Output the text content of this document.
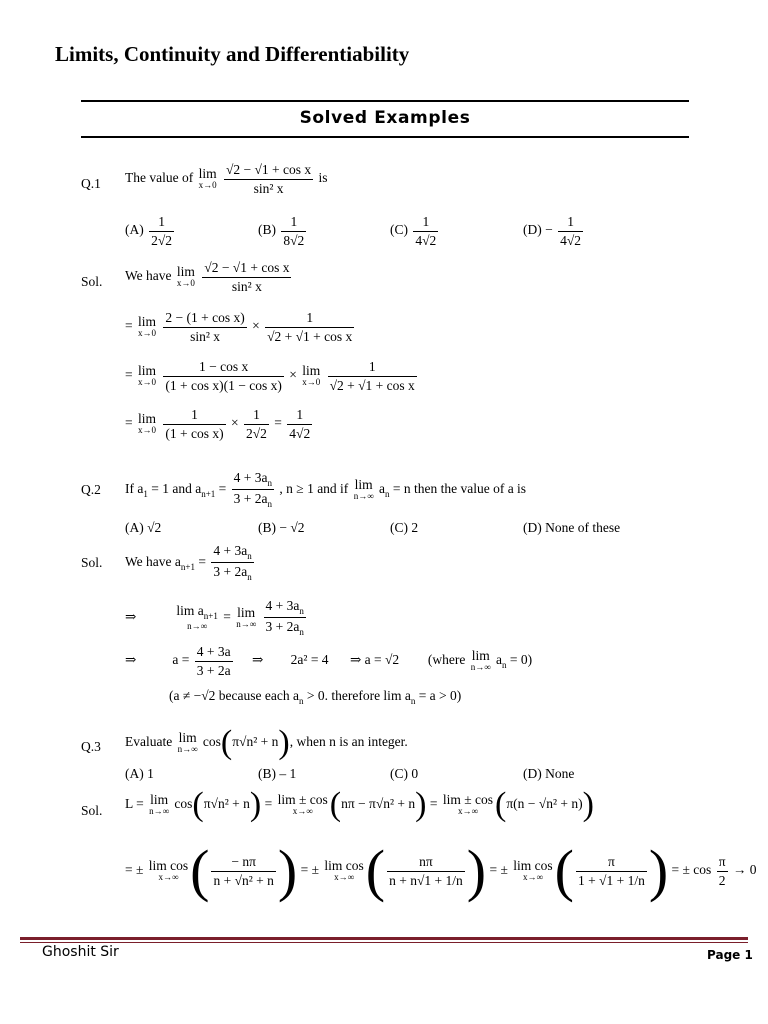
Limits, Continuity and Differentiability
Solved Examples
Q.1 The value of lim
x→0
$\frac{\text{√2 − √1 + cos x}}{\text{sin² x}}$ is
$(A) \frac{1}{2√2}$	$(B) \frac{1}{8√2}$	$(C) \frac{1}{4√2}$	$(D) - \frac{1}{4√2}$
Sol. We have lim
x→0
$\frac{\text{√2 − √1 + cos x}}{\text{sin² x}}$
= lim
x→0
$\frac{\text{2 − (1 + cos x)}}{\text{sin² x}} \times \frac{1}{\text{√2 + √1 + cos x}}$
= lim
x→0
$\frac{\text{1 − cos x}}{\text{(1 + cos x)(1 − cos x)}} \times \lim$
x→0
$\frac{1}{\text{√2 + √1 + cos x}}$
= lim
x→0
$\frac{1}{\text{(1 + cos x)}} \times \frac{1}{2√2} = \frac{1}{4√2}$
Q.2 If $a_1 = 1$ and $a_{n+1} = \frac{4 + 3a_n}{3 + 2a_n}$ , n ≥ 1 and if lim
n→∞
$a_n = n$ then the value of a is
(A) √2	(B) − √2	(C) 2	(D) None of these
Sol. We have $a_{n+1} = \frac{4 + 3a_n}{3 + 2a_n}$
⇒	$\lim a_{n+1}$
n→∞
= lim
n→∞
$\frac{4 + 3a_n}{3 + 2a_n}$
⇒	$a = \frac{4 + 3a}{3 + 2a}$ ⇒ 2a² = 4 ⇒ a = √2 (where lim
n→∞
$a_n = 0$)
(a ≠ −√2 because each $a_n > 0$. therefore $\lim a_n = a > 0$)
Q.3 Evaluate lim
n→∞
cos(π√n² + n), when n is an integer.
(A) 1	(B) – 1	(C) 0	(D) None
Sol. L = lim
n→∞
cos(π√n² + n) = lim ± cos
x→∞ (nπ − π√n² + n) = lim ± cos
x→∞ (π(n − √n² + n))
= ± lim cos
x→∞ ( $\frac{- n\pi}{\text{n + √n² + n}}$ ) = ± lim cos
x→∞ ( $\frac{n\pi}{n + n√1 + 1/n}$ ) = ± lim cos
x→∞ ( $\frac{\pi}{1 + √1 + 1/n}$ ) = ± $\cos \frac{\pi}{2} \to 0$
Ghoshit Sir	Page 1
